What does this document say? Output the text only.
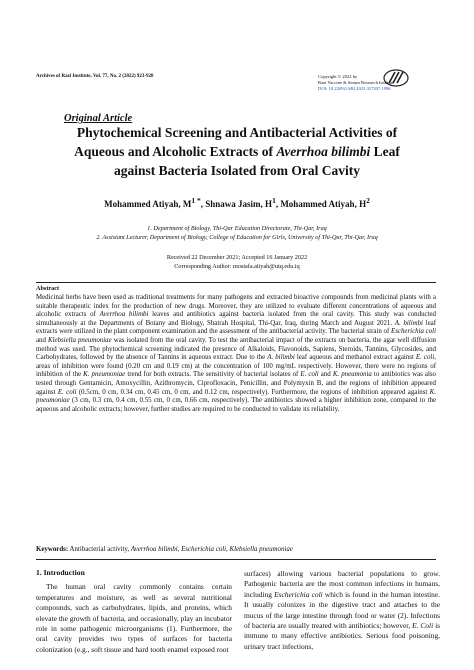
Archives of Razi Institute, Vol. 77, No. 2 (2022) 923-928	Copyright © 2022 by
Razi Vaccine & Serum Research Institute
DOI: 10.22092/ARI.2022.357207.1996
Original Article
Phytochemical Screening and Antibacterial Activities of
Aqueous and Alcoholic Extracts of Averrhoa bilimbi Leaf
against Bacteria Isolated from Oral Cavity
Mohammed Atiyah, $M^{1 *}$, Shnawa Jasim, $H^1$, Mohammed Atiyah, $H^2$
1. Department of Biology, Thi-Qar Education Directorate, Thi-Qar, Iraq
2. Assistant Lecturer, Department of Biology, College of Education for Girls, University of Thi-Qar, Thi-Qar, Iraq
Received 22 December 2021; Accepted 16 January 2022
Corresponding Author: mostafa.atiyah@utq.edu.iq
Abstract
Medicinal herbs have been used as traditional treatments for many pathogens and extracted bioactive compounds from medicinal plants with a suitable therapeutic index for the production of new drugs. Moreover, they are utilized to evaluate different concentrations of aqueous and alcoholic extracts of Averrhoa bilimbi leaves and antibiotics against bacteria isolated from the oral cavity. This study was conducted simultaneously at the Departments of Botany and Biology, Shatrah Hospital, Thi-Qar, Iraq, during March and August 2021. A. bilimbi leaf extracts were utilized in the plant component examination and the assessment of the antibacterial activity. The bacterial strain of Escherichia coli and Klebsiella pneumoniae was isolated from the oral cavity. To test the antibacterial impact of the extracts on bacteria, the agar well diffusion method was used. The phytochemical screening indicated the presence of Alkaloids, Flavonoids, Sapiens, Steroids, Tannins, Glycosides, and Carbohydrates, followed by the absence of Tannins in aqueous extract. Due to the A. bilimbi leaf aqueous and methanol extract against E. coli, areas of inhibition were found (0.20 cm and 0.19 cm) at the concentration of 100 mg/mL respectively. However, there were no regions of inhibition of the K. pneumoniae trend for both extracts. The sensitivity of bacterial isolates of E. coli and K. pneumonia to antibiotics was also tested through Gentamicin, Amoxycillin, Azithromycin, Ciprofloxacin, Penicillin, and Polymyxin B, and the regions of inhibition appeared against E. coli (0.5cm, 0 cm, 0.34 cm, 0.45 cm, 0 cm, and 0.12 cm, respectively). Furthermore, the regions of inhibition appeared against K. pneumoniae (3 cm, 0.3 cm, 0.4 cm, 0.55 cm, 0 cm, 0.66 cm, respectively). The antibiotics showed a higher inhibition zone, compared to the aqueous and alcoholic extracts; however, further studies are required to be conducted to validate its reliability.
Keywords: Antibacterial activity, Averrhoa bilimbi, Escherichia coli, Klebsiella pneumoniae
1. Introduction

The human oral cavity commonly contains certain temperatures and moisture, as well as several nutritional compounds, such as carbohydrates, lipids, and proteins, which elevate the growth of bacteria, and occasionally, play an incubator role in some pathogenic microorganisms (1). Furthermore, the oral cavity provides two types of surfaces for bacteria colonization (e.g., soft tissue and hard tooth enamel exposed root

surfaces) allowing various bacterial populations to grow. Pathogenic bacteria are the most common infections in humans, including Escherichia coli which is found in the human intestine. It usually colonizes in the digestive tract and attaches to the mucus of the large intestine through food or water (2). Infections of bacteria are usually treated with antibiotics; however, E. Coli is immune to many effective antibiotics. Serious food poisoning, urinary tract infections,
